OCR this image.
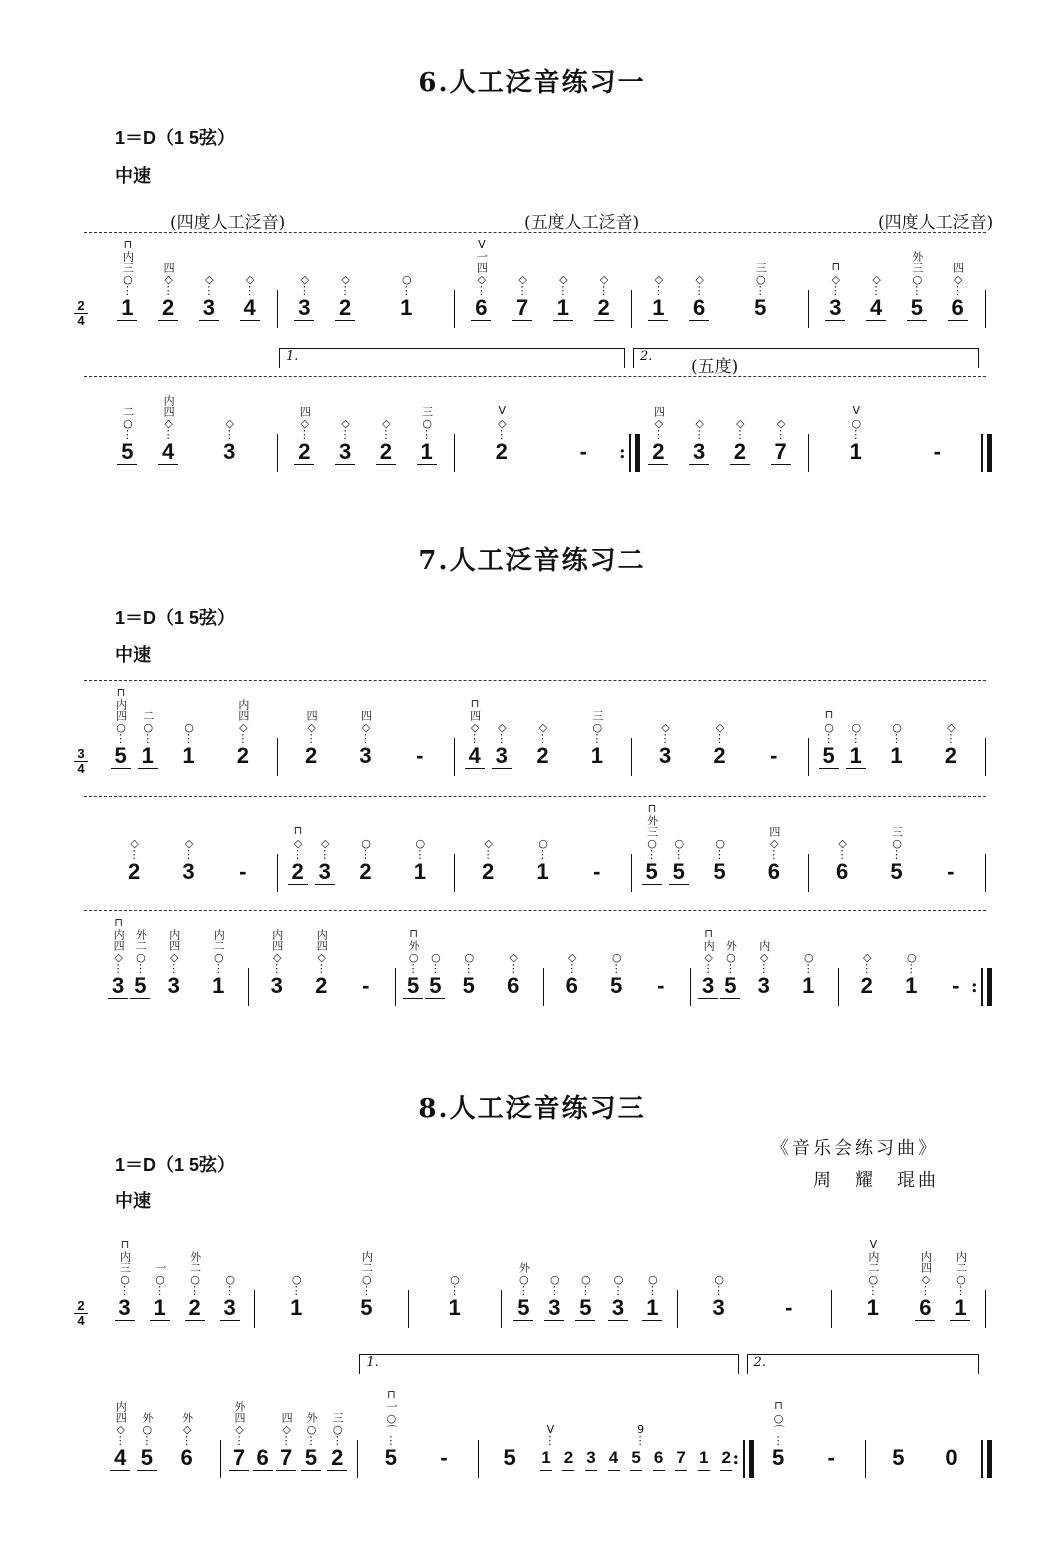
6.人工泛音练习一
1＝D（1 5弦）
中速
2
4
1
⊓内三○
⋮
2
四◇
⋮
3
◇
⋮
4
◇
⋮
(四度人工泛音)
3
◇
⋮
2
◇
⋮
1
○
⋮
6
V一四◇
⋮
7
◇
⋮
1
◇
⋮
2
◇
⋮
(五度人工泛音)
1
◇
⋮
6
◇
⋮
5
三○
⋮
3
⊓◇
⋮
4
◇
⋮
5
外三○
⋮
6
四◇
⋮
(四度人工泛音)
5
二○
⋮
4
内四◇
⋮
3
◇
⋮
2
四◇
⋮
3
◇
⋮
2
◇
⋮
1
三○
⋮
1.
2
V◇
⋮
-	: 2
四◇
⋮
3
◇
⋮
2
◇
⋮
7
◇
⋮
(五度)
2.
1
V○
⋮
-
7.人工泛音练习二
1＝D（1 5弦）
中速
3
4
5
⊓内四○
⋮
1
二○
⋮
1
○
⋮
2
内四◇
⋮
2
四◇
⋮
3
四◇
⋮
- 4
⊓四◇
⋮
3
◇
⋮
2
◇
⋮
1
三○
⋮
3
◇
⋮
2
◇
⋮
- 5
⊓○
⋮
1
○
⋮
1
○
⋮
2
◇
⋮
2
◇
⋮
3
◇
⋮
- 2
⊓◇
⋮
3
◇
⋮
2
○
⋮
1
○
⋮
2
◇
⋮
1
○
⋮
- 5
⊓外三○
⋮
5
○
⋮
5
○
⋮
6
四◇
⋮
6
◇
⋮
5
三○
⋮
-
3
⊓内四◇
⋮
5
外二○
⋮
3
内四◇
⋮
1
内二○
⋮
3
内四◇
⋮
2
内四◇
⋮
- 5
⊓外○
⋮
5
○
⋮
5
○
⋮
6
◇
⋮
6
◇
⋮
5
○
⋮
- 3
⊓内◇
⋮
5
外○
⋮
3
内◇
⋮
1
○
⋮
2
◇
⋮
1
○
⋮
- :
8.人工泛音练习三
《音乐会练习曲》
周　耀　琨曲
1＝D（1 5弦）
中速
2
4
3
⊓内三○
⋮
1
一○
⋮
2
外二○
⋮
3
○
⋮
1
○
⋮
5
内二○
⋮
1
○
⋮
5
外○
⋮
3
○
⋮
5
○
⋮
3
○
⋮
1
○
⋮
3
○
⋮
-	1
V内二○
⋮
6
内四◇
⋮
1
内二○
⋮
4
内四◇
⋮
5
外○
⋮
6
外◇
⋮
7
外四◇
⋮
6 7
四◇
⋮
5
外○
⋮
2
三○
⋮
5
⊓一○⌒
⋮
-
1.
5 1
V
⋮
2 3 4 5
9
⋮
6 7 1 2 : 5
⊓○⌒
⋮
-
2.
5 0
